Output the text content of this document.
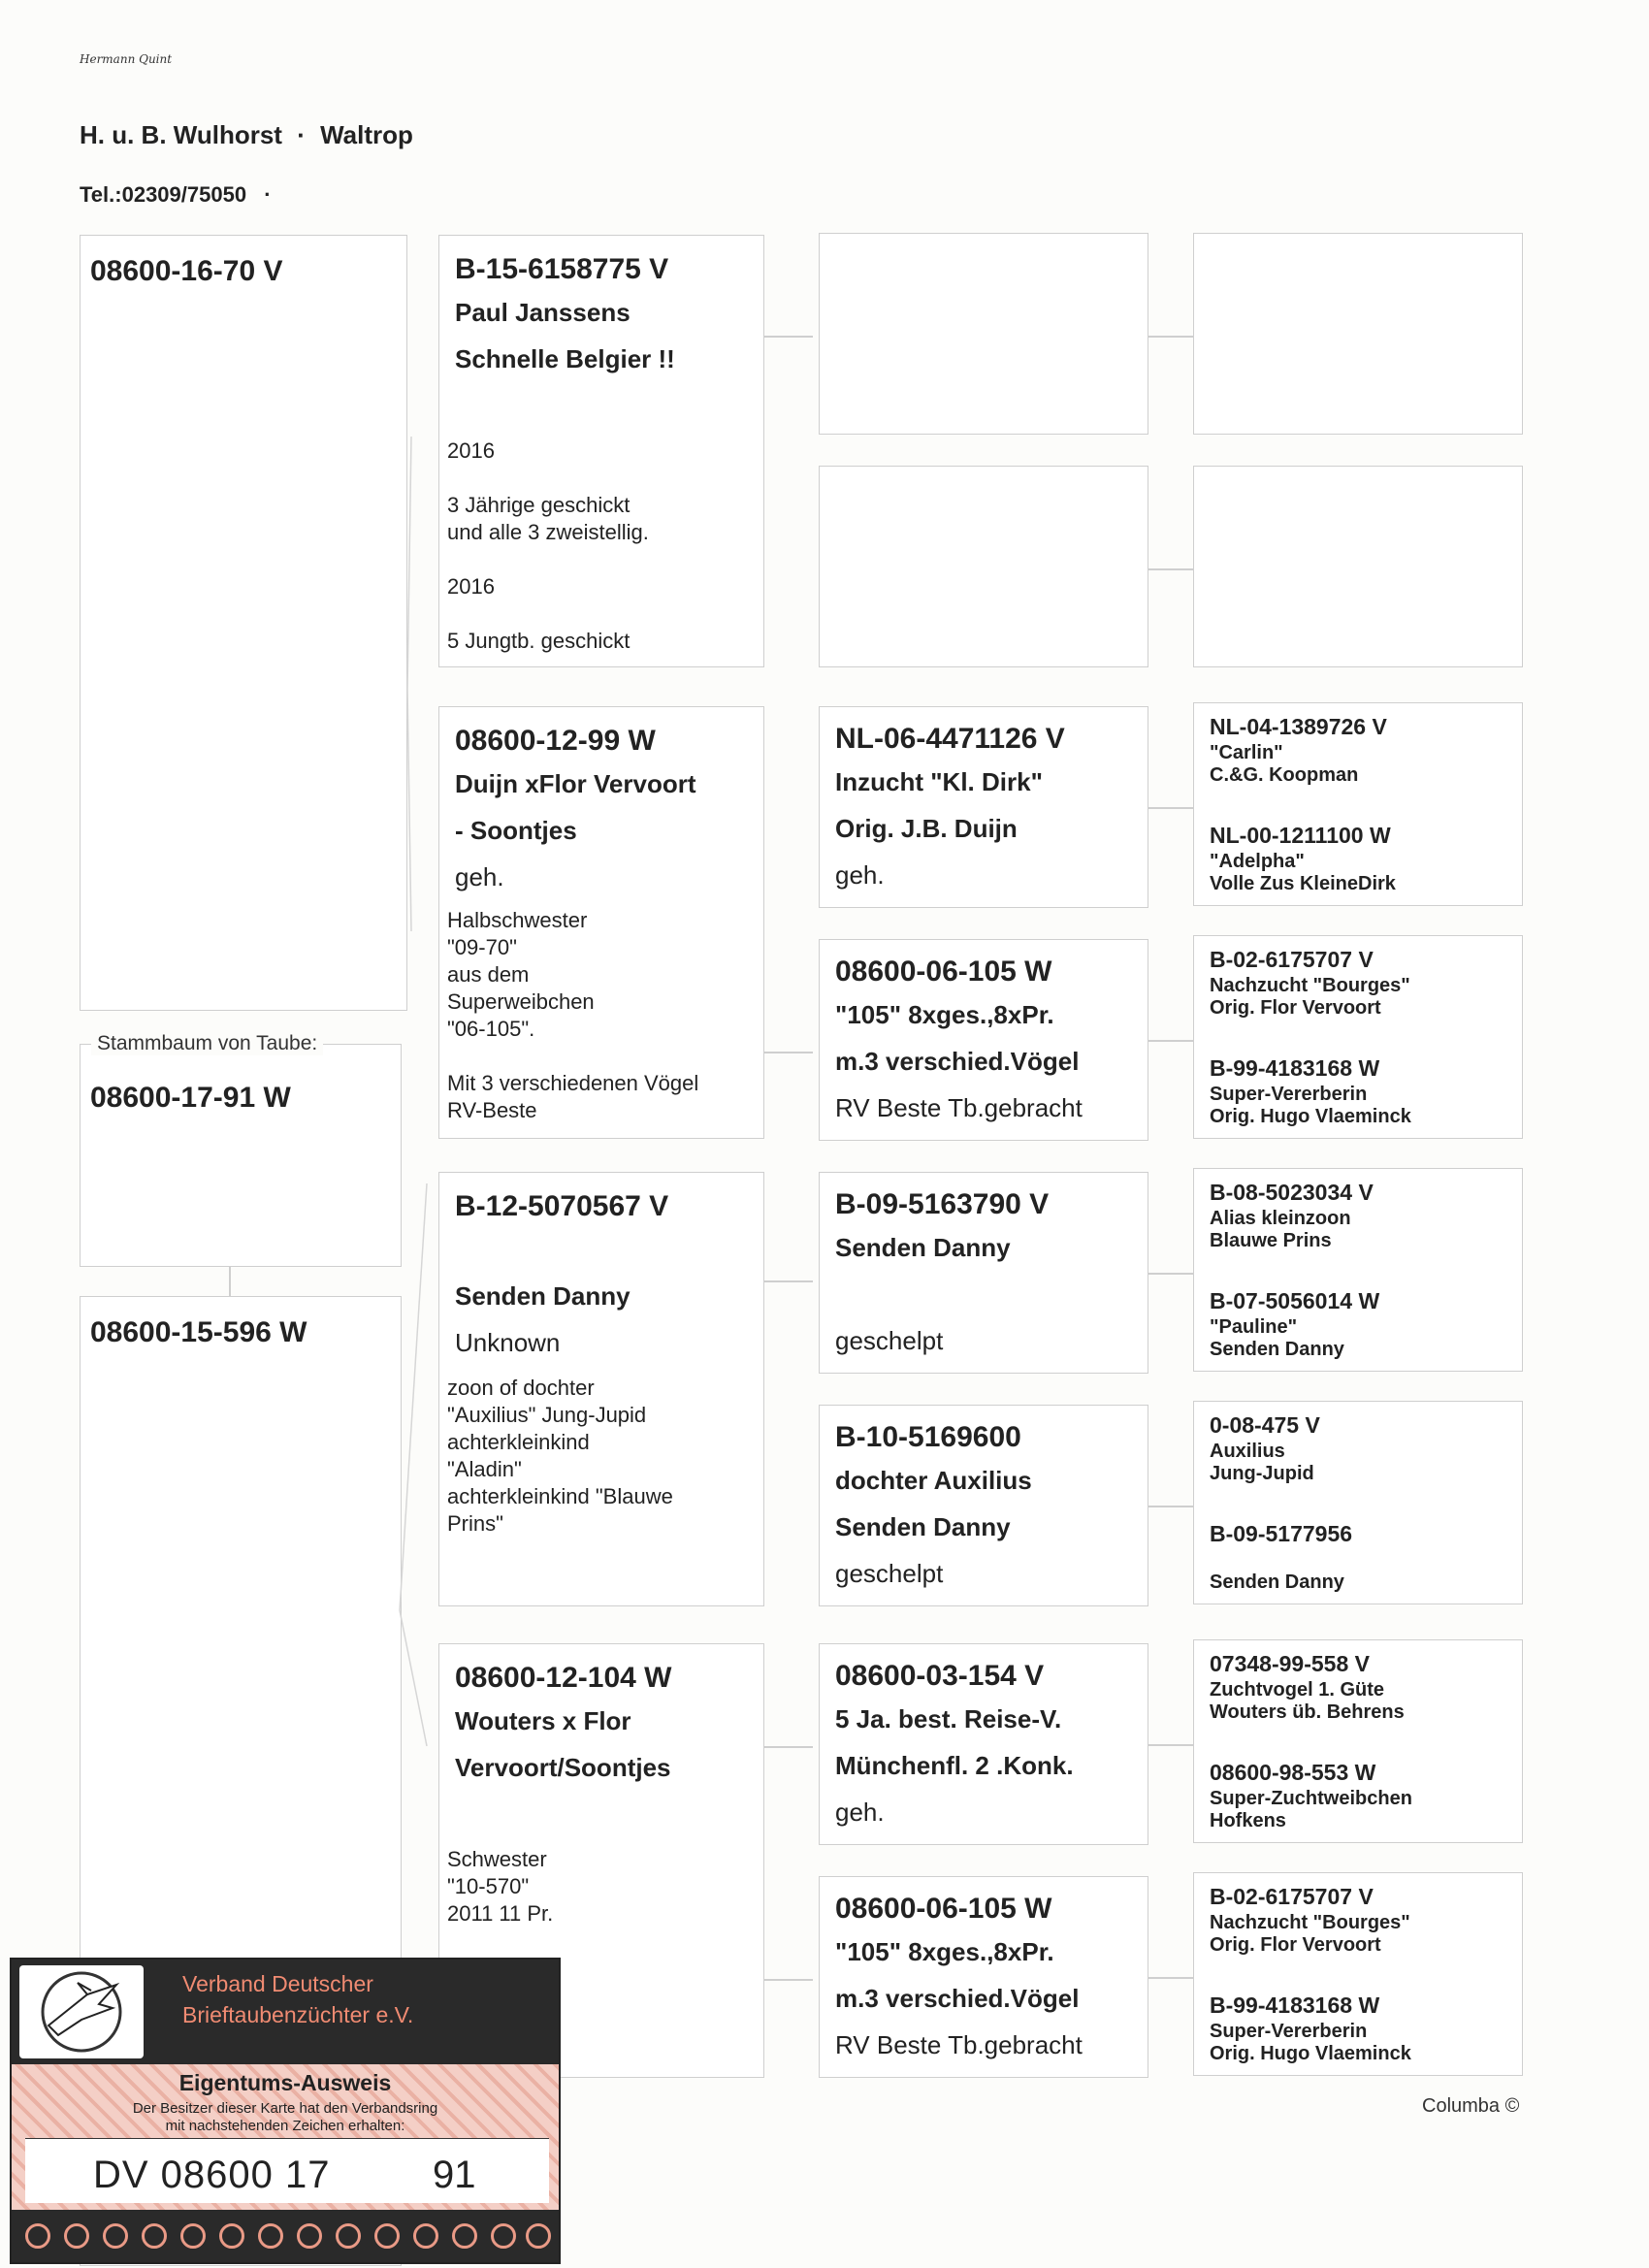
Hermann Quint
H. u. B. Wulhorst · Waltrop
Tel.:02309/75050 ·
08600-16-70 V
08600-17-91 W
Stammbaum von Taube:
08600-15-596 W
B-15-6158775 V
Paul Janssens
Schnelle Belgier !!
2016

3 Jährige geschickt
und alle 3 zweistellig.

2016

5 Jungtb. geschickt
08600-12-99 W
Duijn xFlor Vervoort
- Soontjes
geh.
Halbschwester
"09-70"
aus dem
Superweibchen
"06-105".

Mit 3 verschiedenen Vögel
RV-Beste
B-12-5070567 V
Senden Danny
Unknown
zoon of dochter
"Auxilius" Jung-Jupid
achterkleinkind
"Aladin"
achterkleinkind "Blauwe
Prins"
08600-12-104 W
Wouters x Flor
Vervoort/Soontjes
Schwester
"10-570"
2011 11 Pr.

NL-06-4471126 V
Inzucht "Kl. Dirk"
Orig. J.B. Duijn
geh.
08600-06-105 W
"105" 8xges.,8xPr.
m.3 verschied.Vögel
RV Beste Tb.gebracht
B-09-5163790 V
Senden Danny
geschelpt
B-10-5169600
dochter Auxilius
Senden Danny
geschelpt
08600-03-154 V
5 Ja. best. Reise-V.
Münchenfl. 2 .Konk.
geh.
08600-06-105 W
"105" 8xges.,8xPr.
m.3 verschied.Vögel
RV Beste Tb.gebracht
NL-04-1389726 V
"Carlin"
C.&G. Koopman
NL-00-1211100 W
"Adelpha"
Volle Zus KleineDirk
B-02-6175707 V
Nachzucht "Bourges"
Orig. Flor Vervoort
B-99-4183168 W
Super-Vererberin
Orig. Hugo Vlaeminck
B-08-5023034 V
Alias kleinzoon
Blauwe Prins
B-07-5056014 W
"Pauline"
Senden Danny
0-08-475 V
Auxilius
Jung-Jupid
B-09-5177956

Senden Danny
07348-99-558 V
Zuchtvogel 1. Güte
Wouters üb. Behrens
08600-98-553 W
Super-Zuchtweibchen
Hofkens
B-02-6175707 V
Nachzucht "Bourges"
Orig. Flor Vervoort
B-99-4183168 W
Super-Vererberin
Orig. Hugo Vlaeminck
Columba ©
Verband Deutscher
Brieftaubenzüchter e.V.
Eigentums-Ausweis
Der Besitzer dieser Karte hat den Verbandsring
mit nachstehenden Zeichen erhalten:
DV 08600 17	91
